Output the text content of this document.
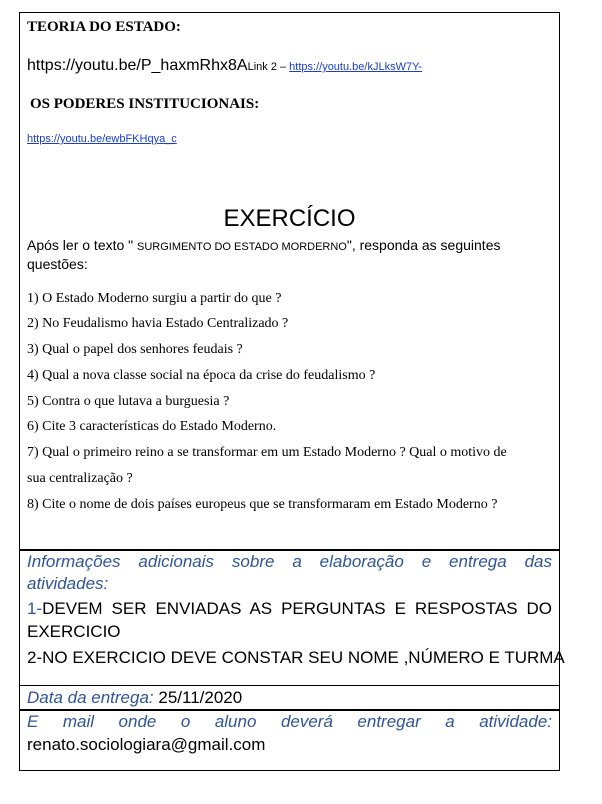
TEORIA DO ESTADO:
https://youtu.be/P_haxmRhx8ALink 2 – https://youtu.be/kJLksW7Y-
OS PODERES INSTITUCIONAIS:
https://youtu.be/ewbFKHqya_c
EXERCÍCIO
Após ler o texto " SURGIMENTO DO ESTADO MORDERNO", responda as seguintes
questões:
1) O Estado Moderno surgiu a partir do que ?
2) No Feudalismo havia Estado Centralizado ?
3) Qual o papel dos senhores feudais ?
4) Qual a nova classe social na época da crise do feudalismo ?
5) Contra o que lutava a burguesia ?
6) Cite 3 características do Estado Moderno.
7) Qual o primeiro reino a se transformar em um Estado Moderno ? Qual o motivo de
sua centralização ?
8) Cite o nome de dois países europeus que se transformaram em Estado Moderno ?
Informações adicionais sobre a elaboração e entrega das
atividades:
1-DEVEM SER ENVIADAS AS PERGUNTAS E RESPOSTAS DO
EXERCICIO
2-NO EXERCICIO DEVE CONSTAR SEU NOME ,NÚMERO E TURMA
Data da entrega: 25/11/2020
E mail onde o aluno deverá entregar a atividade:
renato.sociologiara@gmail.com
